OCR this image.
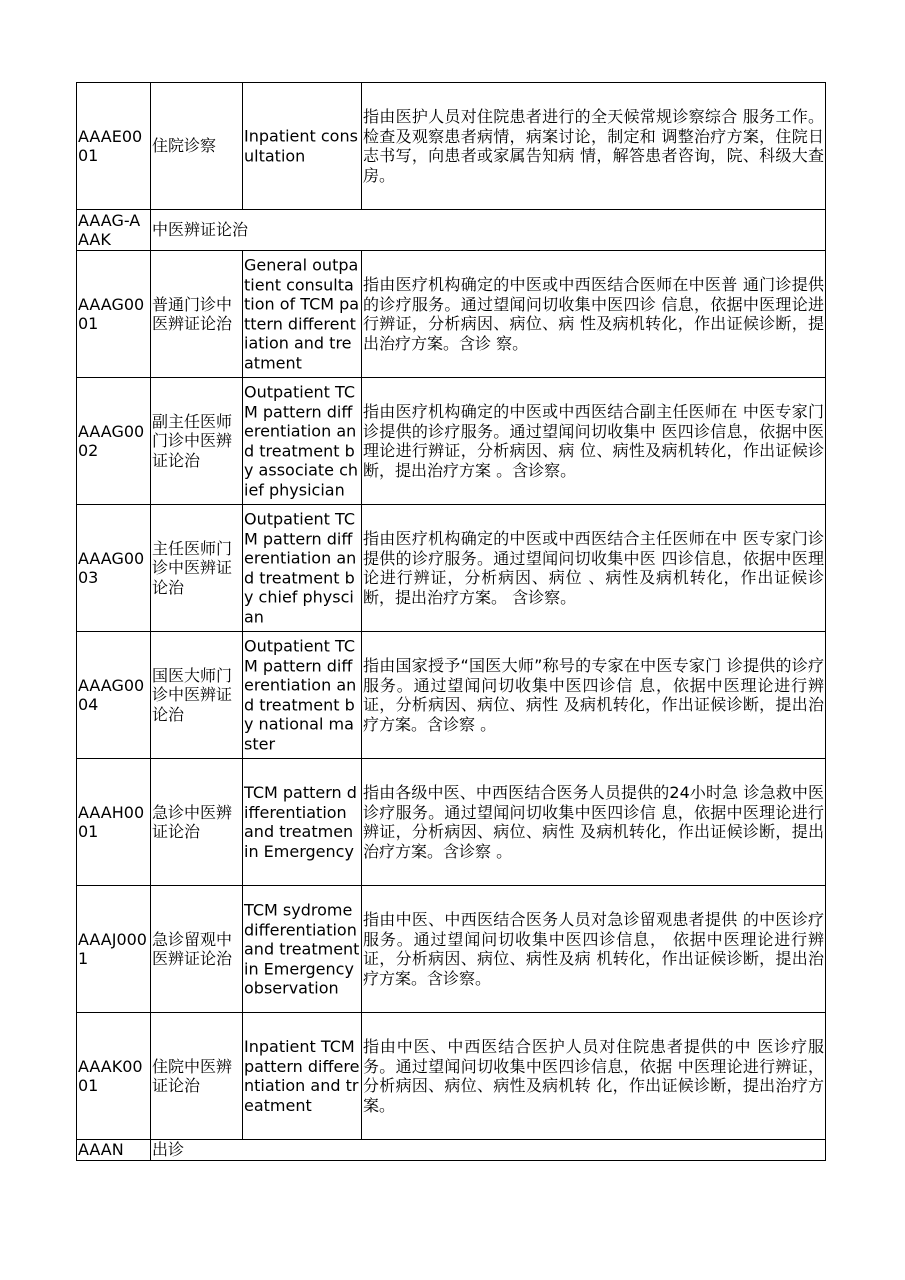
AAAE0001	住院诊察	Inpatient consultation	指由医护人员对住院患者进行的全天候常规诊察综合 服务工作。检查及观察患者病情，病案讨论，制定和 调整治疗方案，住院日志书写，向患者或家属告知病 情，解答患者咨询，院、科级大查房。
AAAG-AAAK	中医辨证论治		
AAAG0001	普通门诊中医辨证论治	General outpatient consultation of TCM pattern differentiation and treatment	指由医疗机构确定的中医或中西医结合医师在中医普 通门诊提供的诊疗服务。通过望闻问切收集中医四诊 信息，依据中医理论进行辨证，分析病因、病位、病 性及病机转化，作出证候诊断，提出治疗方案。含诊 察。
AAAG0002	副主任医师门诊中医辨证论治	Outpatient TCM pattern differentiation and treatment by associate chief physician	指由医疗机构确定的中医或中西医结合副主任医师在 中医专家门诊提供的诊疗服务。通过望闻问切收集中 医四诊信息，依据中医理论进行辨证，分析病因、病 位、病性及病机转化，作出证候诊断，提出治疗方案 。含诊察。
AAAG0003	主任医师门诊中医辨证论治	Outpatient TCM pattern differentiation and treatment by chief physcian	指由医疗机构确定的中医或中西医结合主任医师在中 医专家门诊提供的诊疗服务。通过望闻问切收集中医 四诊信息，依据中医理论进行辨证，分析病因、病位 、病性及病机转化，作出证候诊断，提出治疗方案。 含诊察。
AAAG0004	国医大师门诊中医辨证论治	Outpatient TCM pattern differentiation and treatment by national master	指由国家授予“国医大师”称号的专家在中医专家门 诊提供的诊疗服务。通过望闻问切收集中医四诊信 息，依据中医理论进行辨证，分析病因、病位、病性 及病机转化，作出证候诊断，提出治疗方案。含诊察 。
AAAH0001	急诊中医辨证论治	TCM pattern differentiation and treatmen in Emergency	指由各级中医、中西医结合医务人员提供的24小时急 诊急救中医诊疗服务。通过望闻问切收集中医四诊信 息，依据中医理论进行辨证，分析病因、病位、病性 及病机转化，作出证候诊断，提出治疗方案。含诊察 。
AAAJ0001	急诊留观中医辨证论治	TCM sydrome differentiation and treatment in Emergency observation	指由中医、中西医结合医务人员对急诊留观患者提供 的中医诊疗服务。通过望闻问切收集中医四诊信息， 依据中医理论进行辨证，分析病因、病位、病性及病 机转化，作出证候诊断，提出治疗方案。含诊察。
AAAK0001	住院中医辨证论治	Inpatient TCM pattern differentiation and treatment	指由中医、中西医结合医护人员对住院患者提供的中 医诊疗服务。通过望闻问切收集中医四诊信息，依据 中医理论进行辨证，分析病因、病位、病性及病机转 化，作出证候诊断，提出治疗方案。
AAAN	出诊		
